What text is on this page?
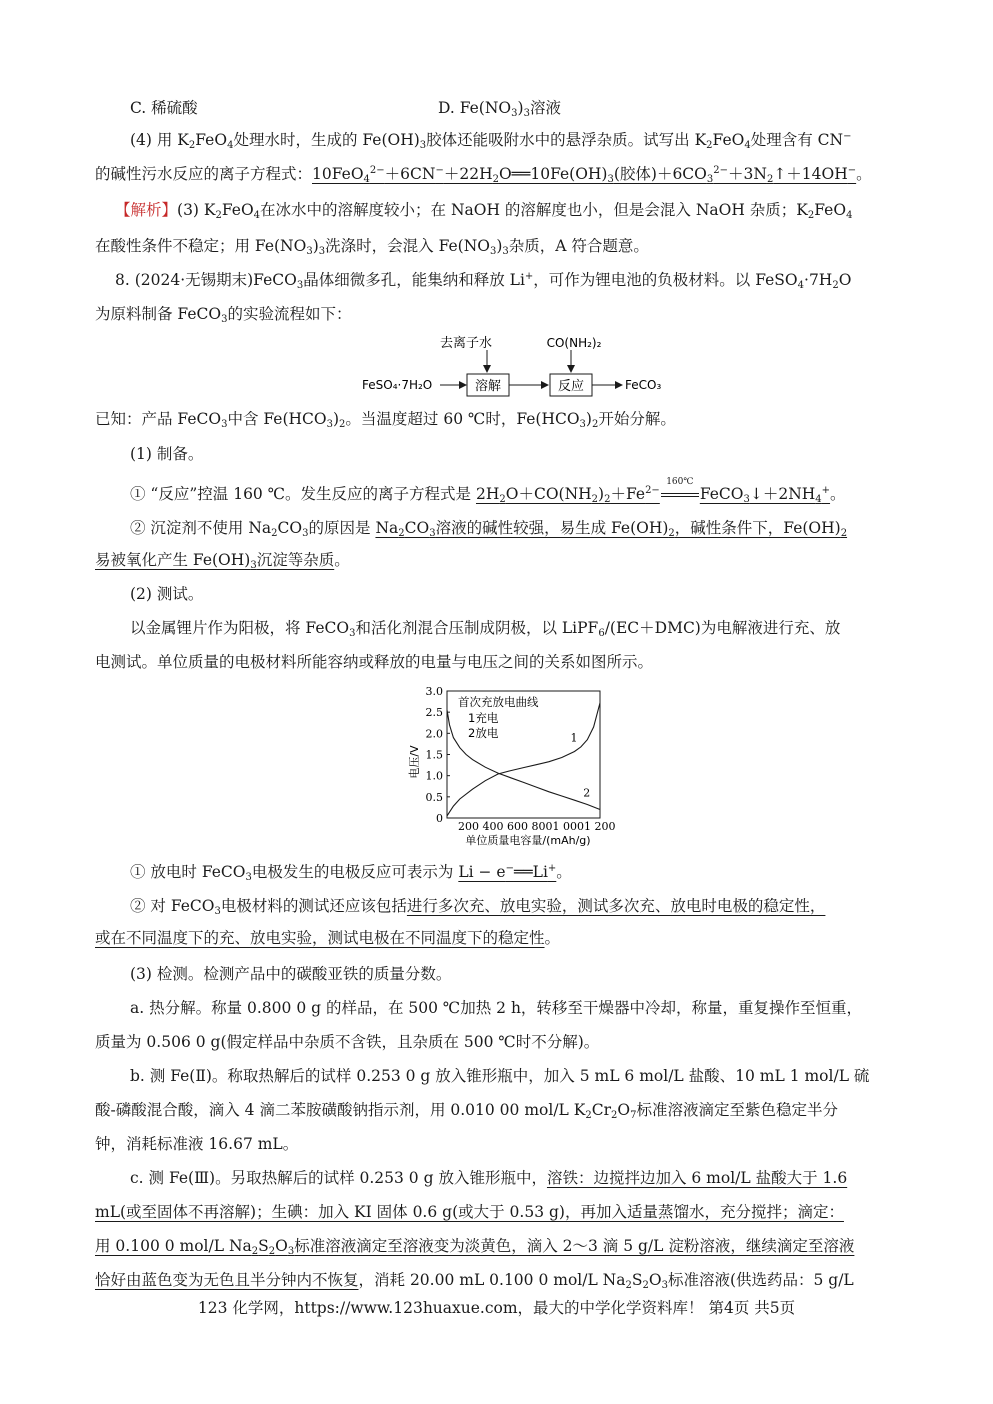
C. 稀硫酸	D. $Fe(NO_3)_3$溶液
(4) 用 $K_2FeO_4$处理水时，生成的 $Fe(OH)_3$胶体还能吸附水中的悬浮杂质。试写出 $K_2FeO_4$处理含有 CN−
的碱性污水反应的离子方程式：$10FeO_4^{2-}+6CN^-+22H_2O══10Fe(OH)_3$(胶体)$+6CO_3^{2-}+3N_2↑+14OH^-$。
【解析】(3) $K_2FeO_4$在冰水中的溶解度较小；在 NaOH 的溶解度也小，但是会混入 NaOH 杂质；$K_2FeO_4$
在酸性条件不稳定；用 $Fe(NO_3)_3$洗涤时，会混入 $Fe(NO_3)_3$杂质，A 符合题意。
8. (2024·无锡期末)FeCO$_3$晶体细微多孔，能集纳和释放 Li+，可作为锂电池的负极材料。以 $FeSO_4\cdot 7H_2O$
为原料制备 FeCO$_3$的实验流程如下：
去离子水	CO(NH₂)₂
FeSO₄·7H₂O	溶解	反应	FeCO₃
已知：产品 FeCO$_3$中含 $Fe(HCO_3)_2$。当温度超过 60 ℃时，$Fe(HCO_3)_2$开始分解。
(1) 制备。
① “反应”控温 160 ℃。发生反应的离子方程式是 $2H_2O+CO(NH_2)_2+Fe^{2-}$
160℃
$FeCO_3↓+2NH_4^+$。
② 沉淀剂不使用 $Na_2CO_3$的原因是 $Na_2CO_3$溶液的碱性较强，易生成 $Fe(OH)_2$，碱性条件下，$Fe(OH)_2$
易被氧化产生 $Fe(OH)_3$沉淀等杂质。
(2) 测试。
以金属锂片作为阳极，将 FeCO$_3$和活化剂混合压制成阴极，以 LiPF$_6$/(EC＋DMC)为电解液进行充、放
电测试。单位质量的电极材料所能容纳或释放的电量与电压之间的关系如图所示。
0
0.5
1.0
1.5
2.0
2.5
3.0
200 400 600 8001 0001 200
单位质量电容量/(mAh/g)
电压/V
首次充放电曲线
1充电
2放电	1
2
① 放电时 FeCO$_3$电极发生的电极反应可表示为 Li − e−══Li+。
② 对 FeCO$_3$电极材料的测试还应该包括进行多次充、放电实验，测试多次充、放电时电极的稳定性，
或在不同温度下的充、放电实验，测试电极在不同温度下的稳定性。
(3) 检测。检测产品中的碳酸亚铁的质量分数。
a. 热分解。称量 0.800 0 g 的样品，在 500 ℃加热 2 h，转移至干燥器中冷却，称量，重复操作至恒重，
质量为 0.506 0 g(假定样品中杂质不含铁，且杂质在 500 ℃时不分解)。
b. 测 Fe(Ⅱ)。称取热解后的试样 0.253 0 g 放入锥形瓶中，加入 5 mL 6 mol/L 盐酸、10 mL 1 mol/L 硫
酸-磷酸混合酸，滴入 4 滴二苯胺磺酸钠指示剂，用 0.010 00 mol/L $K_2Cr_2O_7$标准溶液滴定至紫色稳定半分
钟，消耗标准液 16.67 mL。
c. 测 Fe(Ⅲ)。另取热解后的试样 0.253 0 g 放入锥形瓶中，溶铁：边搅拌边加入 6 mol/L 盐酸大于 1.6
mL(或至固体不再溶解)；生碘：加入 KI 固体 0.6 g(或大于 0.53 g)，再加入适量蒸馏水，充分搅拌；滴定：
用 0.100 0 mol/L $Na_2S_2O_3$标准溶液滴定至溶液变为淡黄色，滴入 2～3 滴 5 g/L 淀粉溶液，继续滴定至溶液
恰好由蓝色变为无色且半分钟内不恢复，消耗 20.00 mL 0.100 0 mol/L $Na_2S_2O_3$标准溶液(供选药品：5 g/L
123 化学网，https://www.123huaxue.com，最大的中学化学资料库！ 第4页 共5页
